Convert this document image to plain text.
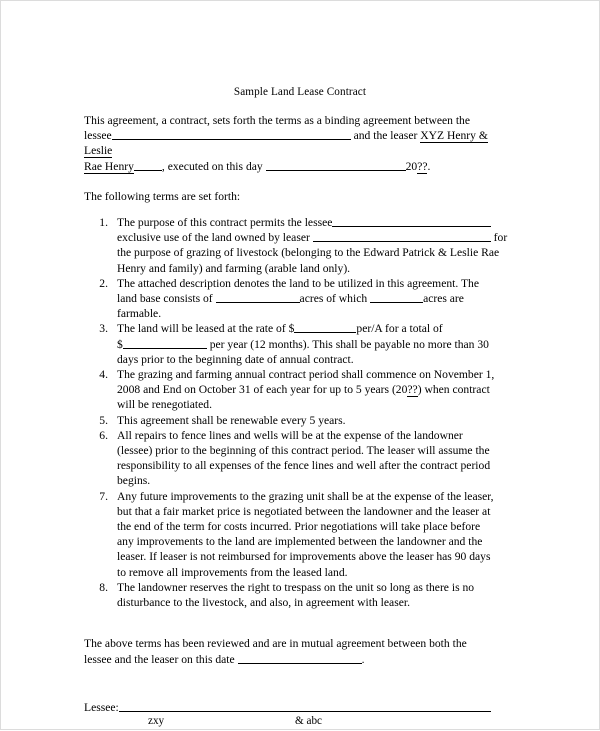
Sample Land Lease Contract

This agreement, a contract, sets forth the terms as a binding agreement between the
lessee	and the leaser XYZ Henry & Leslie
Rae Henry , executed on this day	20??.

The following terms are set forth:

1. The purpose of this contract permits the lessee
exclusive use of the land owned by leaser	for
the purpose of grazing of livestock (belonging to the Edward Patrick & Leslie Rae
Henry and family) and farming (arable land only).
2. The attached description denotes the land to be utilized in this agreement. The
land base consists of	acres of which	acres are
farmable.
3. The land will be leased at the rate of $	per/A for a total of
$	per year (12 months). This shall be payable no more than 30
days prior to the beginning date of annual contract.
4. The grazing and farming annual contract period shall commence on November 1,
2008 and End on October 31 of each year for up to 5 years (20??) when contract
will be renegotiated.
5. This agreement shall be renewable every 5 years.
6. All repairs to fence lines and wells will be at the expense of the landowner
(lessee) prior to the beginning of this contract period. The leaser will assume the
responsibility to all expenses of the fence lines and well after the contract period
begins.
7. Any future improvements to the grazing unit shall be at the expense of the leaser,
but that a fair market price is negotiated between the landowner and the leaser at
the end of the term for costs incurred. Prior negotiations will take place before
any improvements to the land are implemented between the landowner and the
leaser. If leaser is not reimbursed for improvements above the leaser has 90 days
to remove all improvements from the leased land.
8. The landowner reserves the right to trespass on the unit so long as there is no
disturbance to the livestock, and also, in agreement with leaser.

The above terms has been reviewed and are in mutual agreement between both the
lessee and the leaser on this date	.

Lessee:
zxy	& abc
